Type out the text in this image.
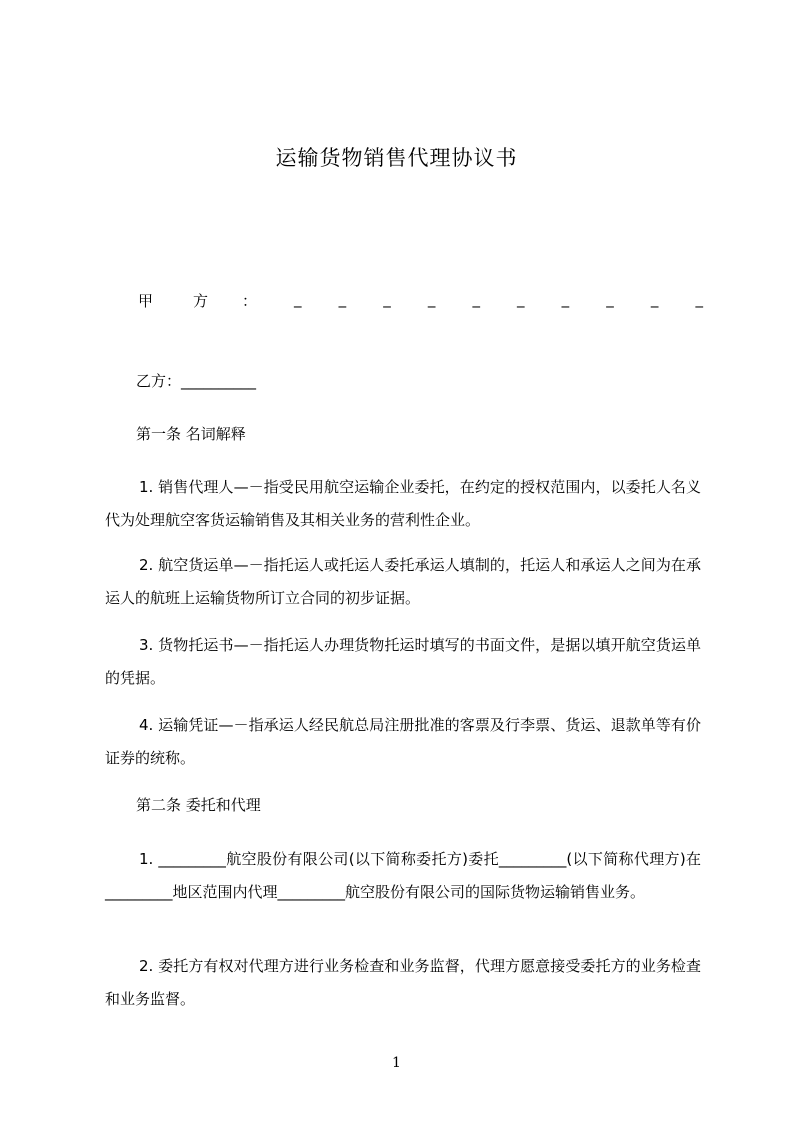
运输货物销售代理协议书
甲	方 ： _ _ _ _ _ _ _ _ _ _
乙方：__________
第一条 名词解释
1. 销售代理人—－指受民用航空运输企业委托，在约定的授权范围内，以委托人名义代为处理航空客货运输销售及其相关业务的营利性企业。
2. 航空货运单—－指托运人或托运人委托承运人填制的，托运人和承运人之间为在承运人的航班上运输货物所订立合同的初步证据。
3. 货物托运书—－指托运人办理货物托运时填写的书面文件，是据以填开航空货运单的凭据。
4. 运输凭证—－指承运人经民航总局注册批准的客票及行李票、货运、退款单等有价证券的统称。
第二条 委托和代理
1. _________航空股份有限公司(以下简称委托方)委托_________(以下简称代理方)在_________地区范围内代理_________航空股份有限公司的国际货物运输销售业务。
2. 委托方有权对代理方进行业务检查和业务监督，代理方愿意接受委托方的业务检查和业务监督。
1
